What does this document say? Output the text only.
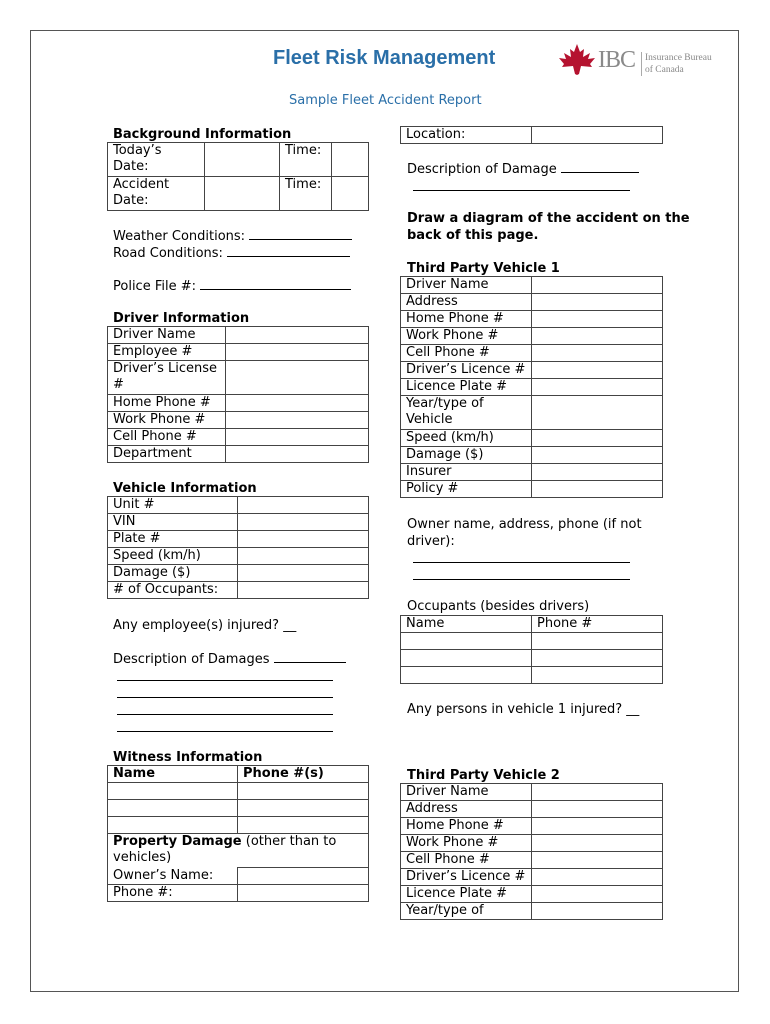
Fleet Risk Management
Sample Fleet Accident Report
IBC Insurance Bureau
of Canada
Background Information
Today’s
Date:		Time:	

Accident
Date:		Time:	
Weather Conditions:
Road Conditions:
Police File #:
Driver Information
Driver Name	
Employee #	

Driver’s License
#	

Home Phone #	
Work Phone #	
Cell Phone #	
Department	
Vehicle Information
Unit #	
VIN	
Plate #	
Speed (km/h)	
Damage ($)	
# of Occupants:	
Any employee(s) injured? __
Description of Damages
Witness Information
Name	Phone #(s)

Property Damage (other than to
vehicles)	

Owner’s Name:	
Phone #:	
Location:	
Description of Damage
Draw a diagram of the accident on the
back of this page.
Third Party Vehicle 1
Driver Name	
Address	
Home Phone #	
Work Phone #	
Cell Phone #	
Driver’s Licence #	
Licence Plate #	

Year/type of
Vehicle	

Speed (km/h)	
Damage ($)	
Insurer	
Policy #	
Owner name, address, phone (if not
driver):
Occupants (besides drivers)
Name	Phone #

Any persons in vehicle 1 injured? __
Third Party Vehicle 2
Driver Name	
Address	
Home Phone #	
Work Phone #	
Cell Phone #	
Driver’s Licence #	
Licence Plate #	
Year/type of	
